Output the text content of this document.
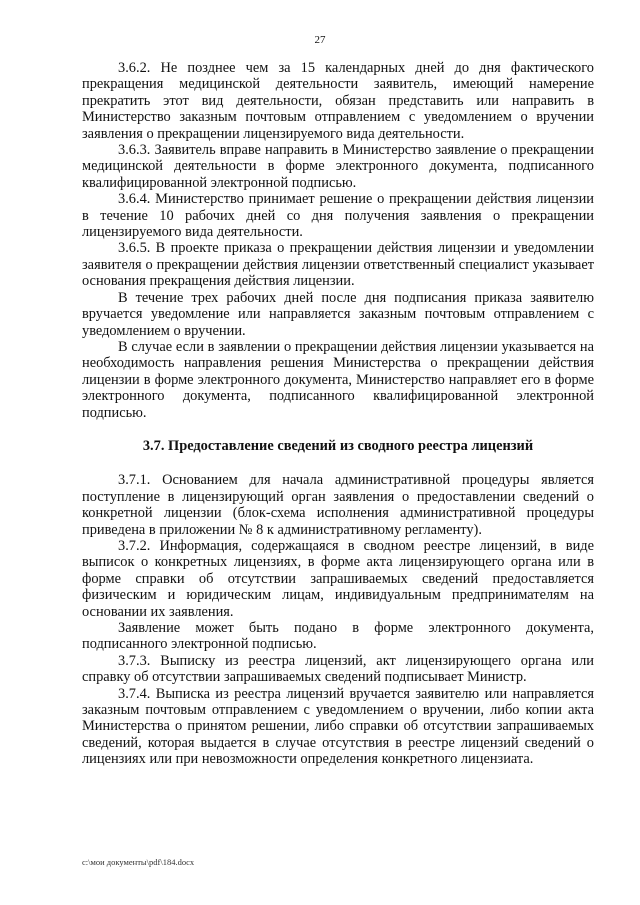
27

3.6.2. Не позднее чем за 15 календарных дней до дня фактического прекращения медицинской деятельности заявитель, имеющий намерение прекратить этот вид деятельности, обязан представить или направить в Министерство заказным почтовым отправлением с уведомлением о вручении заявления о прекращении лицензируемого вида деятельности.

3.6.3. Заявитель вправе направить в Министерство заявление о прекращении медицинской деятельности в форме электронного документа, подписанного квалифицированной электронной подписью.

3.6.4. Министерство принимает решение о прекращении действия лицензии в течение 10 рабочих дней со дня получения заявления о прекращении лицензируемого вида деятельности.

3.6.5. В проекте приказа о прекращении действия лицензии и уведомлении заявителя о прекращении действия лицензии ответственный специалист указывает основания прекращения действия лицензии.

В течение трех рабочих дней после дня подписания приказа заявителю вручается уведомление или направляется заказным почтовым отправлением с уведомлением о вручении.

В случае если в заявлении о прекращении действия лицензии указывается на необходимость направления решения Министерства о прекращении действия лицензии в форме электронного документа, Министерство направляет его в форме электронного документа, подписанного квалифицированной электронной подписью.

3.7. Предоставление сведений из сводного реестра лицензий

3.7.1. Основанием для начала административной процедуры является поступление в лицензирующий орган заявления о предоставлении сведений о конкретной лицензии (блок-схема исполнения административной процедуры приведена в приложении № 8 к административному регламенту).

3.7.2. Информация, содержащаяся в сводном реестре лицензий, в виде выписок о конкретных лицензиях, в форме акта лицензирующего органа или в форме справки об отсутствии запрашиваемых сведений предоставляется физическим и юридическим лицам, индивидуальным предпринимателям на основании их заявления.

Заявление может быть подано в форме электронного документа, подписанного электронной подписью.

3.7.3. Выписку из реестра лицензий, акт лицензирующего органа или справку об отсутствии запрашиваемых сведений подписывает Министр.

3.7.4. Выписка из реестра лицензий вручается заявителю или направляется заказным почтовым отправлением с уведомлением о вручении, либо копии акта Министерства о принятом решении, либо справки об отсутствии запрашиваемых сведений, которая выдается в случае отсутствия в реестре лицензий сведений о лицензиях или при невозможности определения конкретного лицензиата.

c:\мои документы\pdf\184.docx
